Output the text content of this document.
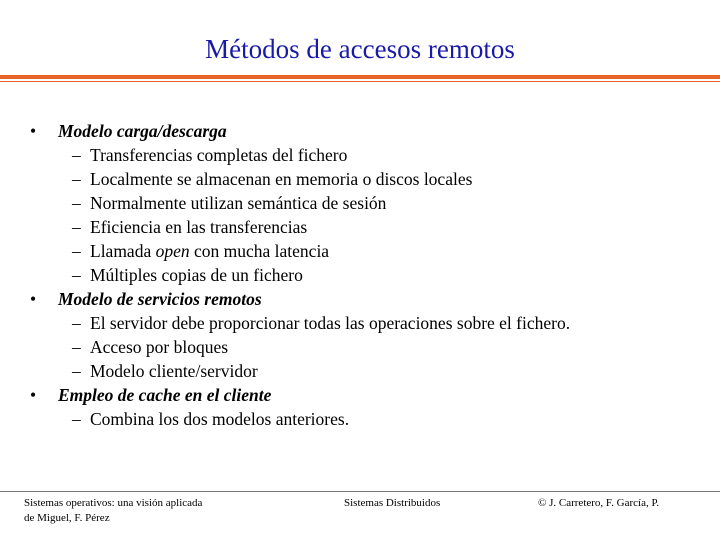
Métodos de accesos remotos
•	Modelo carga/descarga
– Transferencias completas del fichero
– Localmente se almacenan en memoria o discos locales
– Normalmente utilizan semántica de sesión
– Eficiencia en las transferencias
– Llamada open con mucha latencia
– Múltiples copias de un fichero
•	Modelo de servicios remotos
– El servidor debe proporcionar todas las operaciones sobre el fichero.
– Acceso por bloques
– Modelo cliente/servidor
•	Empleo de cache en el cliente
– Combina los dos modelos anteriores.
Sistemas operativos: una visión aplicada
de Miguel, F. Pérez
Sistemas Distribuidos	© J. Carretero, F. García, P.
